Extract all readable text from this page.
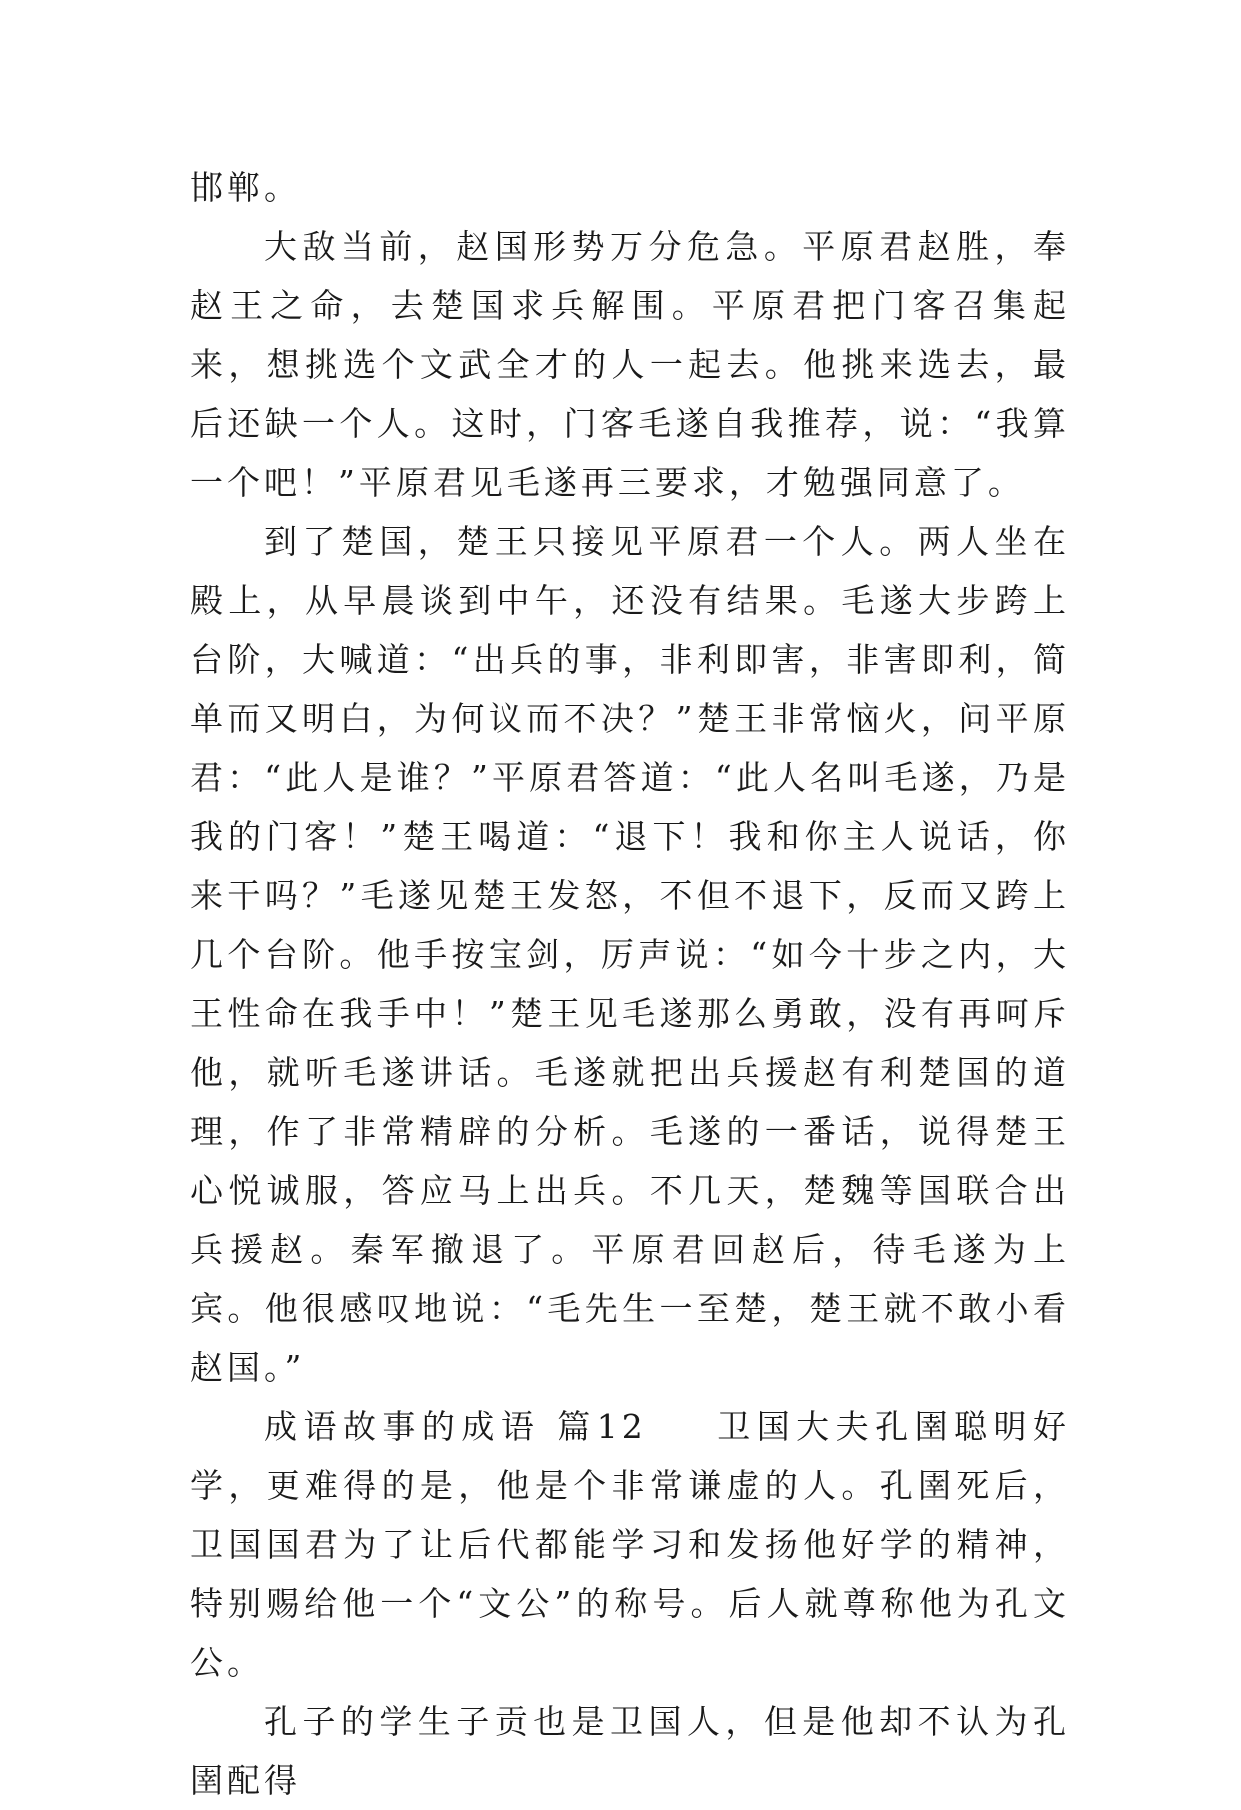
邯郸。

大敌当前，赵国形势万分危急。平原君赵胜，奉赵王之命，去楚国求兵解围。平原君把门客召集起来，想挑选个文武全才的人一起去。他挑来选去，最后还缺一个人。这时，门客毛遂自我推荐，说：“我算一个吧！”平原君见毛遂再三要求，才勉强同意了。

到了楚国，楚王只接见平原君一个人。两人坐在殿上，从早晨谈到中午，还没有结果。毛遂大步跨上台阶，大喊道：“出兵的事，非利即害，非害即利，简单而又明白，为何议而不决？”楚王非常恼火，问平原君：“此人是谁？”平原君答道：“此人名叫毛遂，乃是我的门客！”楚王喝道：“退下！我和你主人说话，你来干吗？”毛遂见楚王发怒，不但不退下，反而又跨上几个台阶。他手按宝剑，厉声说：“如今十步之内，大王性命在我手中！”楚王见毛遂那么勇敢，没有再呵斥他，就听毛遂讲话。毛遂就把出兵援赵有利楚国的道理，作了非常精辟的分析。毛遂的一番话，说得楚王心悦诚服，答应马上出兵。不几天，楚魏等国联合出兵援赵。秦军撤退了。平原君回赵后，待毛遂为上宾。他很感叹地说：“毛先生一至楚，楚王就不敢小看赵国。”

成语故事的成语 篇12 卫国大夫孔圉聪明好学，更难得的是，他是个非常谦虚的人。孔圉死后，卫国国君为了让后代都能学习和发扬他好学的精神，特别赐给他一个“文公”的称号。后人就尊称他为孔文公。

孔子的学生子贡也是卫国人，但是他却不认为孔圉配得
